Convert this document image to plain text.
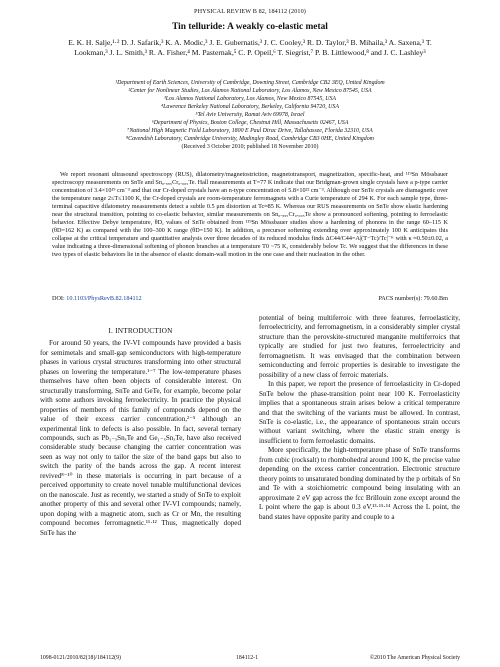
PHYSICAL REVIEW B 82, 184112 (2010)
Tin telluride: A weakly co-elastic metal
E. K. H. Salje,¹·² D. J. Safarik,³ K. A. Modic,³ J. E. Gubernatis,³ J. C. Cooley,³ R. D. Taylor,³ B. Mihaila,³ A. Saxena,³ T. Lookman,³ J. L. Smith,³ R. A. Fisher,⁴ M. Pasternak,⁵ C. P. Opeil,⁶ T. Siegrist,⁷ P. B. Littlewood,⁸ and J. C. Lashley³
¹Department of Earth Sciences, University of Cambridge, Downing Street, Cambridge CB2 3EQ, United Kingdom
²Center for Nonlinear Studies, Los Alamos National Laboratory, Los Alamos, New Mexico 87545, USA
³Los Alamos National Laboratory, Los Alamos, New Mexico 87545, USA
⁴Lawrence Berkeley National Laboratory, Berkeley, California 94720, USA
⁵Tel Aviv University, Ramat Aviv 69978, Israel
⁶Department of Physics, Boston College, Chestnut Hill, Massachusetts 02467, USA
⁷National High Magnetic Field Laboratory, 1800 E Paul Dirac Drive, Tallahassee, Florida 32310, USA
⁸Cavendish Laboratory, Cambridge University, Madingley Road, Cambridge CB3 0HE, United Kingdom
(Received 3 October 2010; published 18 November 2010)
We report resonant ultrasound spectroscopy (RUS), dilatometry/magnetostriction, magnetotransport, magnetization, specific-heat, and ¹¹⁹Sn Mössbauer spectroscopy measurements on SnTe and Sn₀.₉₉₅Cr₀.₀₀₅Te. Hall measurements at T=77 K indicate that our Bridgman-grown single crystals have a p-type carrier concentration of 3.4×10¹⁹ cm⁻³ and that our Cr-doped crystals have an n-type concentration of 5.8×10²² cm⁻³. Although our SnTe crystals are diamagnetic over the temperature range 2≤T≤1100 K, the Cr-doped crystals are room-temperature ferromagnets with a Curie temperature of 294 K. For each sample type, three-terminal capacitive dilatometry measurements detect a subtle 0.5 μm distortion at Tc≈85 K. Whereas our RUS measurements on SnTe show elastic hardening near the structural transition, pointing to co-elastic behavior, similar measurements on Sn₀.₉₉₅Cr₀.₀₀₅Te show a pronounced softening, pointing to ferroelastic behavior. Effective Debye temperature, θD, values of SnTe obtained from ¹¹⁹Sn Mössbauer studies show a hardening of phonons in the range 60–115 K (θD=162 K) as compared with the 100–300 K range (θD=150 K). In addition, a precursor softening extending over approximately 100 K anticipates this collapse at the critical temperature and quantitative analysis over three decades of its reduced modulus finds ΔC44/C44=A|(T−Tc)/Tc|⁻ᴷ with κ ≈0.50±0.02, a value indicating a three-dimensional softening of phonon branches at a temperature T0 ~75 K, considerably below Tc. We suggest that the differences in these two types of elastic behaviors lie in the absence of elastic domain-wall motion in the one case and their nucleation in the other.
DOI: 10.1103/PhysRevB.82.184112	PACS number(s): 79.60.Bm
I. INTRODUCTION

For around 50 years, the IV-VI compounds have provided a basis for semimetals and small-gap semiconductors with high-temperature phases in various crystal structures transforming into other structural phases on lowering the temperature.¹⁻⁷ The low-temperature phases themselves have often been objects of considerable interest. On structurally transforming, SnTe and GeTe, for example, become polar with some authors invoking ferroelectricity. In practice the physical properties of members of this family of compounds depend on the value of their excess carrier concentration,²⁻⁵ although an experimental link to defects is also possible. In fact, several ternary compounds, such as Pb₁₋ₓSnₓTe and Ge₁₋ₓSnₓTe, have also received considerable study because changing the carrier concentration was seen as way not only to tailor the size of the band gaps but also to switch the parity of the bands across the gap. A recent interest revived⁸⁻¹⁰ in these materials is occurring in part because of a perceived opportunity to create novel tunable multifunctional devices on the nanoscale. Just as recently, we started a study of SnTe to exploit another property of this and several other IV-VI compounds; namely, upon doping with a magnetic atom, such as Cr or Mn, the resulting compound becomes ferromagnetic.¹¹·¹² Thus, magnetically doped SnTe has the

potential of being multiferroic with three features, ferroelasticity, ferroelectricity, and ferromagnetism, in a considerably simpler crystal structure than the perovskite-structured manganite multiferroics that typically are studied for just two features, ferroelectricity and ferromagnetism. It was envisaged that the combination between semiconducting and ferroic properties is desirable to investigate the possibility of a new class of ferroic materials.

In this paper, we report the presence of ferroelasticity in Cr-doped SnTe below the phase-transition point near 100 K. Ferroelasticity implies that a spontaneous strain arises below a critical temperature and that the switching of the variants must be allowed. In contrast, SnTe is co-elastic, i.e., the appearance of spontaneous strain occurs without variant switching, where the elastic strain energy is insufficient to form ferroelastic domains.

More specifically, the high-temperature phase of SnTe transforms from cubic (rocksalt) to rhombohedral around 100 K, the precise value depending on the excess carrier concentration. Electronic structure theory points to unsaturated bonding dominated by the p orbitals of Sn and Te with a stoichiometric compound being insulating with an approximate 2 eV gap across the fcc Brillouin zone except around the L point where the gap is about 0.3 eV.¹³·¹⁵·¹⁴ Across the L point, the band states have opposite parity and couple to a

1098-0121/2010/82(18)/184112(9)	184112-1	©2010 The American Physical Society
